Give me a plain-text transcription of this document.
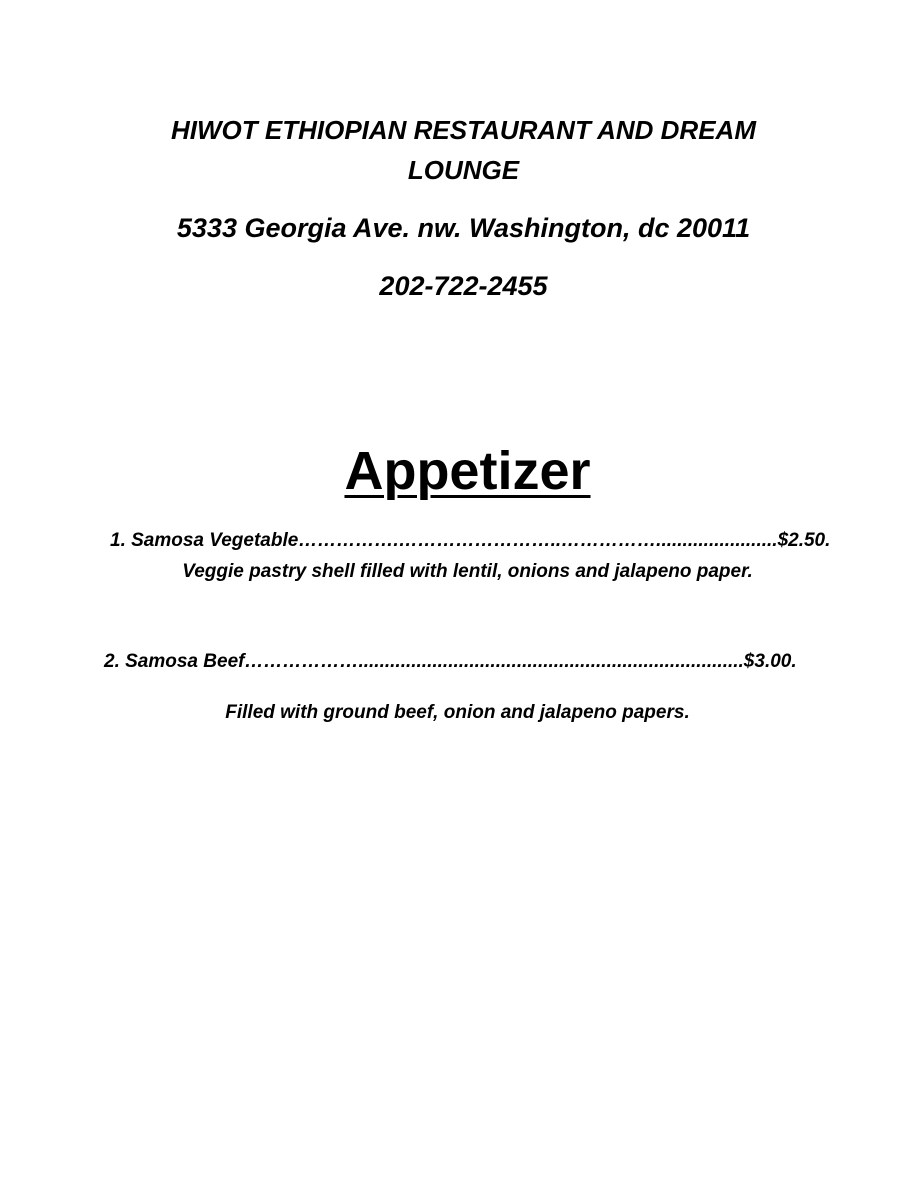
HIWOT ETHIOPIAN RESTAURANT AND DREAM
LOUNGE
5333 Georgia Ave. nw. Washington, dc 20011
202-722-2455
Appetizer
1. Samosa Vegetable…………….……………………..…………….......................$2.50.
Veggie pastry shell filled with lentil, onions and jalapeno paper.
2. Samosa Beef……………….........................................................................$3.00.
Filled with ground beef, onion and jalapeno papers.
